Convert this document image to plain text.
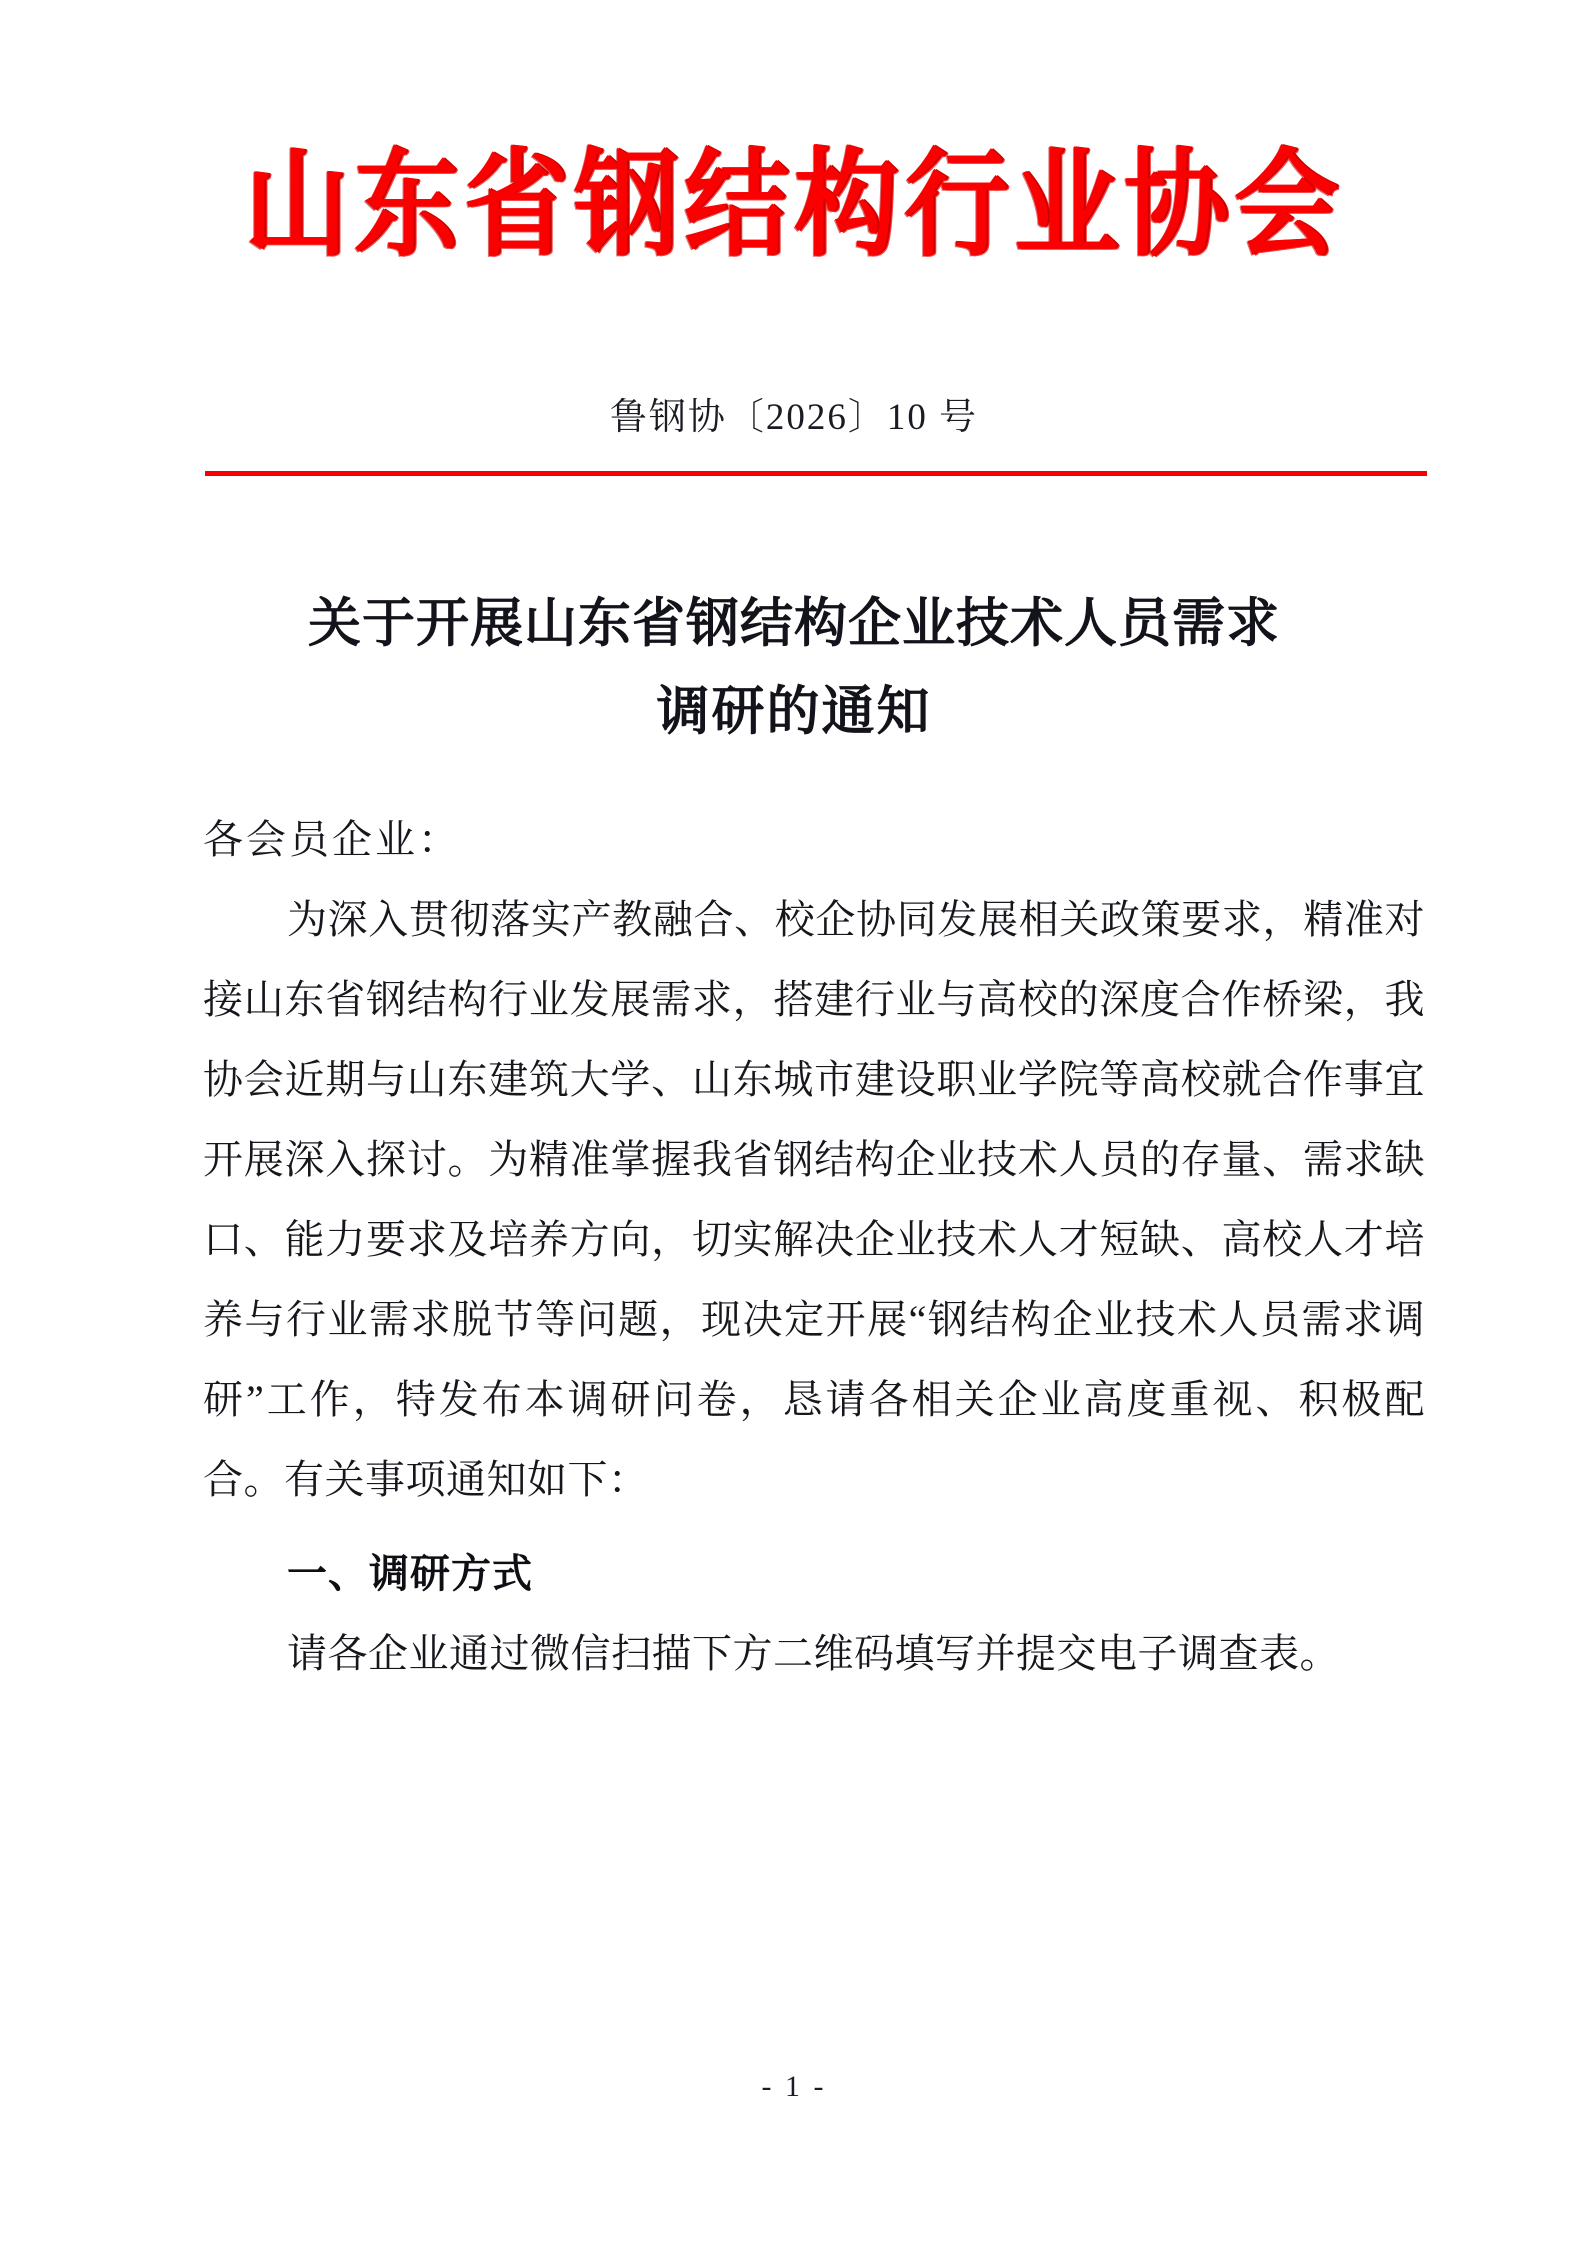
山东省钢结构行业协会
鲁钢协〔2026〕10 号
关于开展山东省钢结构企业技术人员需求
调研的通知

各会员企业：

为深入贯彻落实产教融合、校企协同发展相关政策要求，精准对接山东省钢结构行业发展需求，搭建行业与高校的深度合作桥梁，我协会近期与山东建筑大学、山东城市建设职业学院等高校就合作事宜开展深入探讨。为精准掌握我省钢结构企业技术人员的存量、需求缺口、能力要求及培养方向，切实解决企业技术人才短缺、高校人才培养与行业需求脱节等问题，现决定开展“钢结构企业技术人员需求调研”工作，特发布本调研问卷，恳请各相关企业高度重视、积极配合。有关事项通知如下：

一、调研方式

请各企业通过微信扫描下方二维码填写并提交电子调查表。

- 1 -
